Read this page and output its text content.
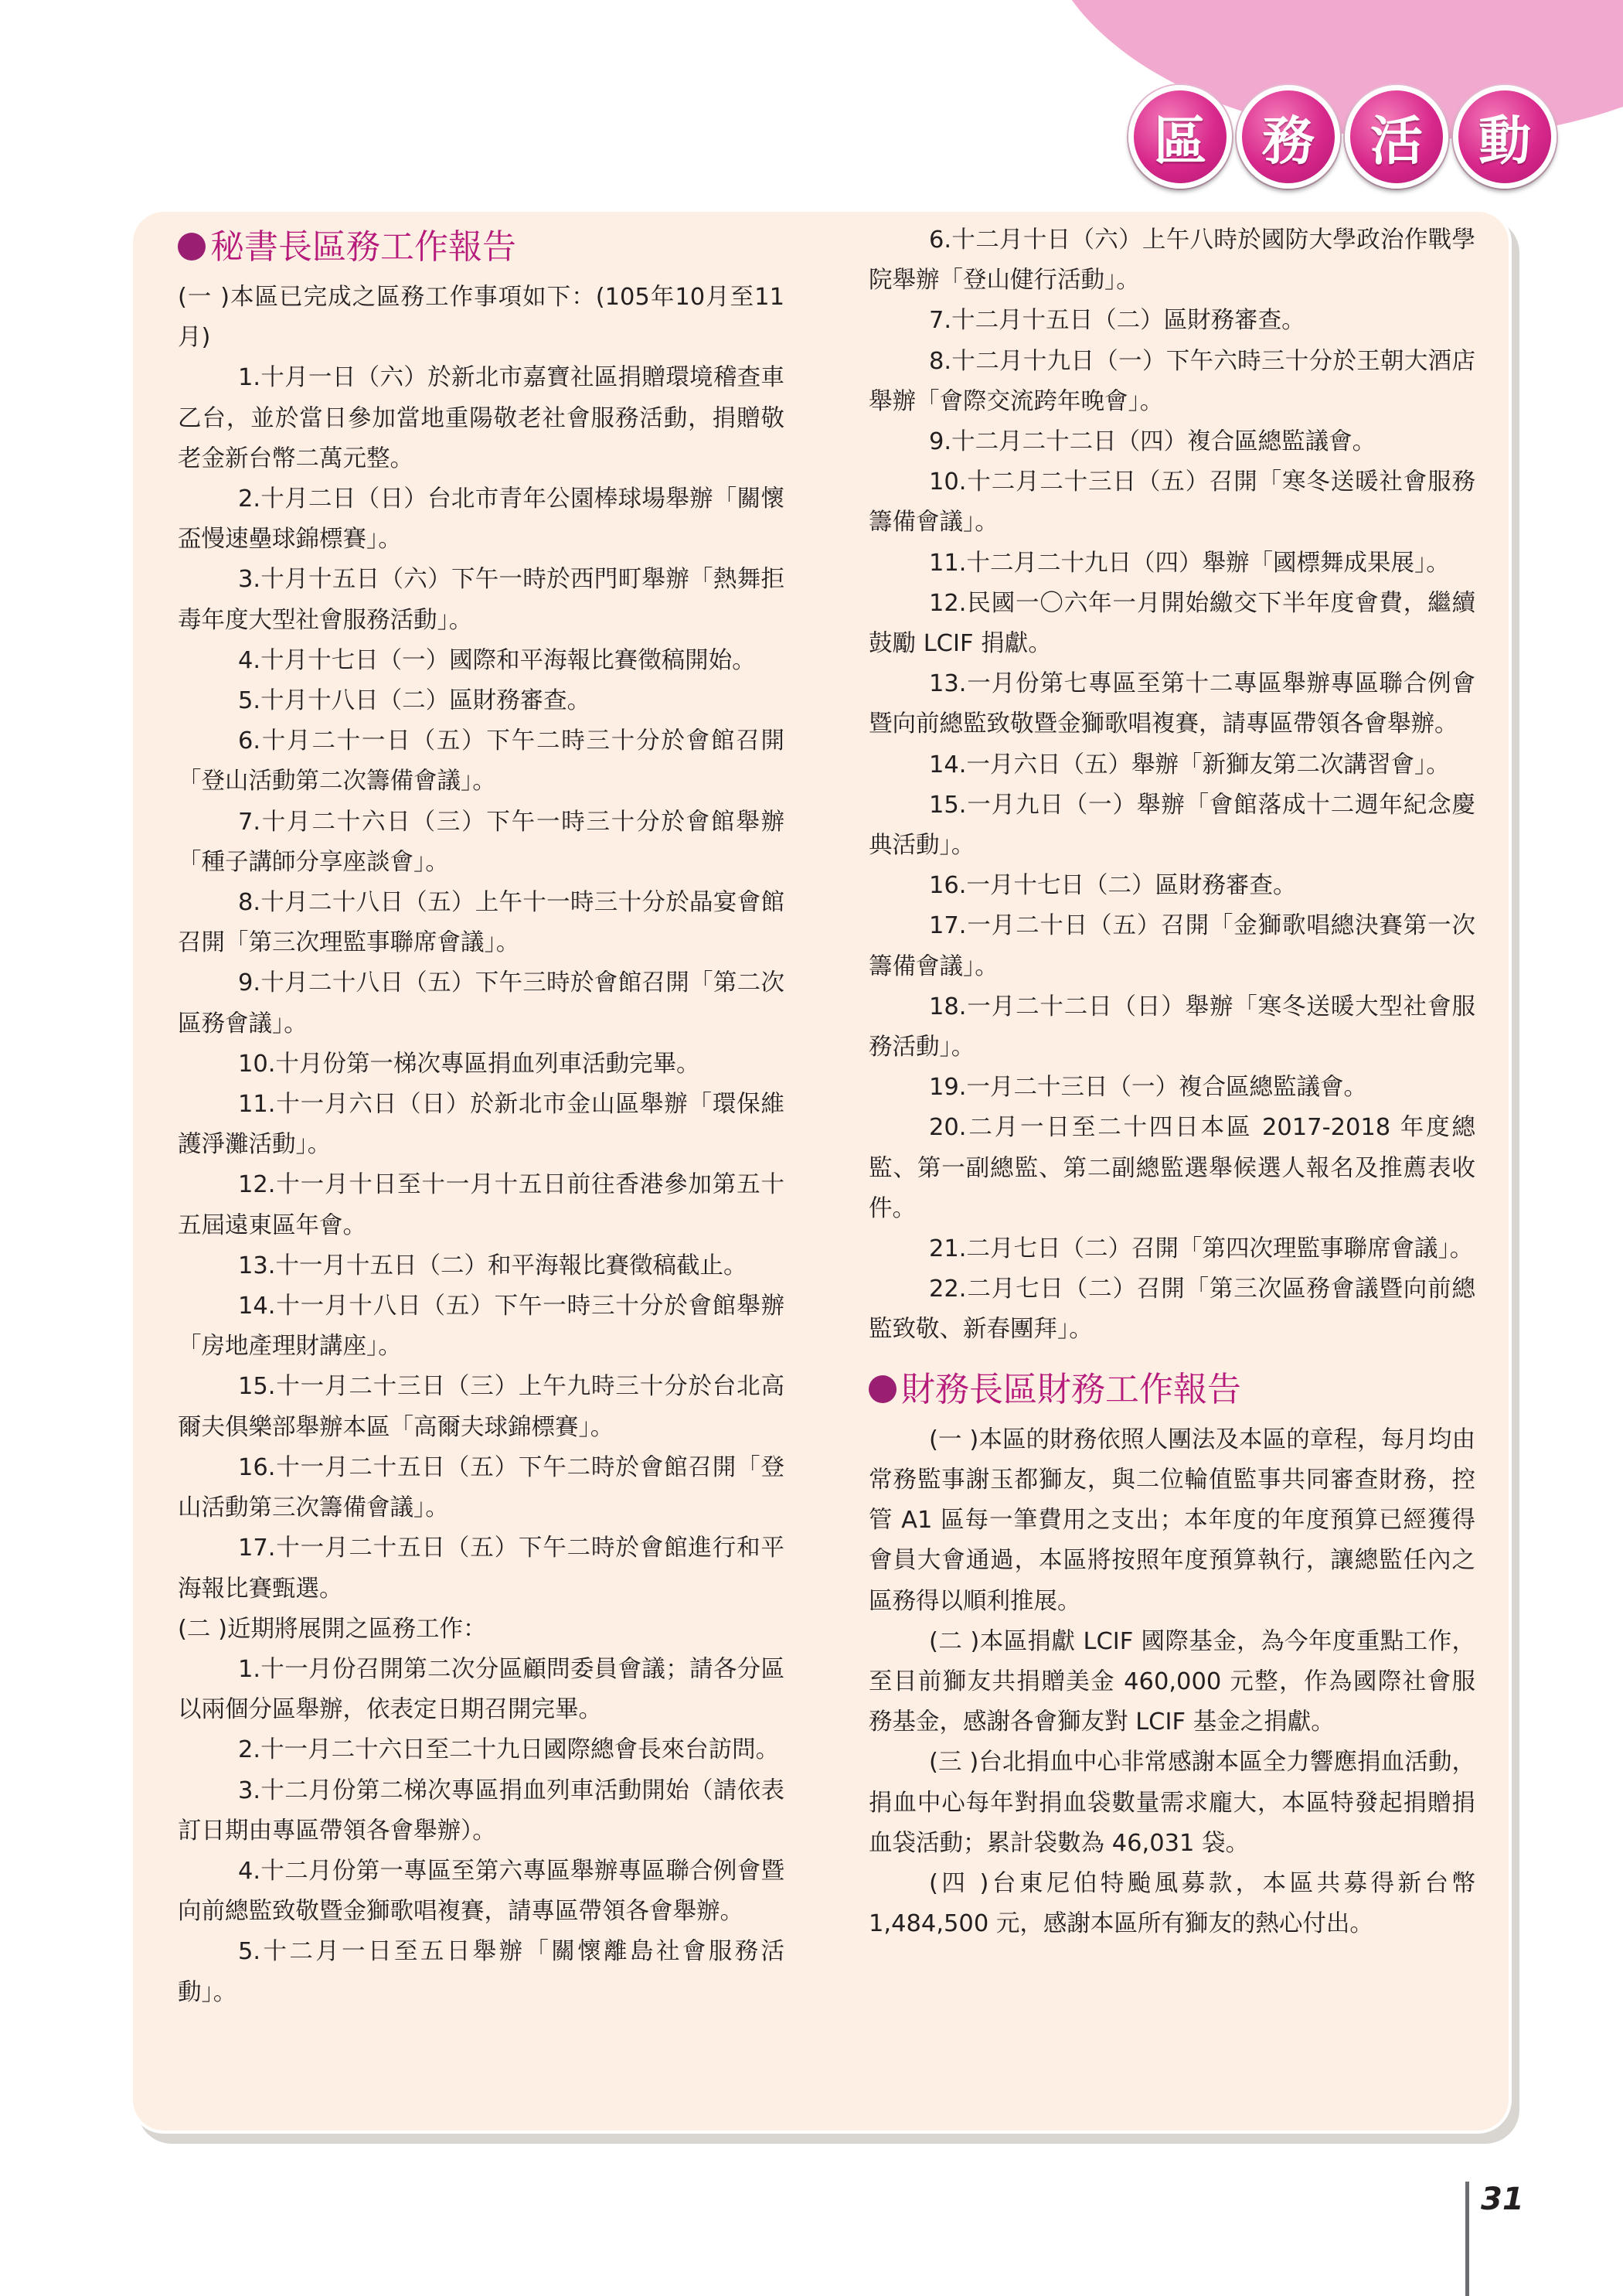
區	務	活	動
秘書長區務工作報告

(一 )本區已完成之區務工作事項如下：(105年10月至11月)

1.十月一日（六）於新北市嘉寶社區捐贈環境稽查車乙台，並於當日參加當地重陽敬老社會服務活動，捐贈敬老金新台幣二萬元整。

2.十月二日（日）台北市青年公園棒球場舉辦「關懷盃慢速壘球錦標賽」。

3.十月十五日（六）下午一時於西門町舉辦「熱舞拒毒年度大型社會服務活動」。

4.十月十七日（一）國際和平海報比賽徵稿開始。

5.十月十八日（二）區財務審查。

6.十月二十一日（五）下午二時三十分於會館召開「登山活動第二次籌備會議」。

7.十月二十六日（三）下午一時三十分於會館舉辦「種子講師分享座談會」。

8.十月二十八日（五）上午十一時三十分於晶宴會館召開「第三次理監事聯席會議」。

9.十月二十八日（五）下午三時於會館召開「第二次區務會議」。

10.十月份第一梯次專區捐血列車活動完畢。

11.十一月六日（日）於新北市金山區舉辦「環保維護淨灘活動」。

12.十一月十日至十一月十五日前往香港參加第五十五屆遠東區年會。

13.十一月十五日（二）和平海報比賽徵稿截止。

14.十一月十八日（五）下午一時三十分於會館舉辦「房地產理財講座」。

15.十一月二十三日（三）上午九時三十分於台北高爾夫俱樂部舉辦本區「高爾夫球錦標賽」。

16.十一月二十五日（五）下午二時於會館召開「登山活動第三次籌備會議」。

17.十一月二十五日（五）下午二時於會館進行和平海報比賽甄選。

(二 )近期將展開之區務工作：

1.十一月份召開第二次分區顧問委員會議；請各分區以兩個分區舉辦，依表定日期召開完畢。

2.十一月二十六日至二十九日國際總會長來台訪問。

3.十二月份第二梯次專區捐血列車活動開始（請依表訂日期由專區帶領各會舉辦）。

4.十二月份第一專區至第六專區舉辦專區聯合例會暨向前總監致敬暨金獅歌唱複賽，請專區帶領各會舉辦。

5.十二月一日至五日舉辦「關懷離島社會服務活動」。

6.十二月十日（六）上午八時於國防大學政治作戰學院舉辦「登山健行活動」。

7.十二月十五日（二）區財務審查。

8.十二月十九日（一）下午六時三十分於王朝大酒店舉辦「會際交流跨年晚會」。

9.十二月二十二日（四）複合區總監議會。

10.十二月二十三日（五）召開「寒冬送暖社會服務籌備會議」。

11.十二月二十九日（四）舉辦「國標舞成果展」。

12.民國一〇六年一月開始繳交下半年度會費，繼續鼓勵 LCIF 捐獻。

13.一月份第七專區至第十二專區舉辦專區聯合例會暨向前總監致敬暨金獅歌唱複賽，請專區帶領各會舉辦。

14.一月六日（五）舉辦「新獅友第二次講習會」。

15.一月九日（一）舉辦「會館落成十二週年紀念慶典活動」。

16.一月十七日（二）區財務審查。

17.一月二十日（五）召開「金獅歌唱總決賽第一次籌備會議」。

18.一月二十二日（日）舉辦「寒冬送暖大型社會服務活動」。

19.一月二十三日（一）複合區總監議會。

20.二月一日至二十四日本區 2017-2018 年度總監、第一副總監、第二副總監選舉候選人報名及推薦表收件。

21.二月七日（二）召開「第四次理監事聯席會議」。

22.二月七日（二）召開「第三次區務會議暨向前總監致敬、新春團拜」。

財務長區財務工作報告

(一 )本區的財務依照人團法及本區的章程，每月均由常務監事謝玉都獅友，與二位輪值監事共同審查財務，控管 A1 區每一筆費用之支出；本年度的年度預算已經獲得會員大會通過，本區將按照年度預算執行，讓總監任內之區務得以順利推展。

(二 )本區捐獻 LCIF 國際基金，為今年度重點工作，至目前獅友共捐贈美金 460,000 元整，作為國際社會服務基金，感謝各會獅友對 LCIF 基金之捐獻。

(三 )台北捐血中心非常感謝本區全力響應捐血活動，捐血中心每年對捐血袋數量需求龐大，本區特發起捐贈捐血袋活動；累計袋數為 46,031 袋。

(四 )台東尼伯特颱風募款，本區共募得新台幣 1,484,500 元，感謝本區所有獅友的熱心付出。

31
